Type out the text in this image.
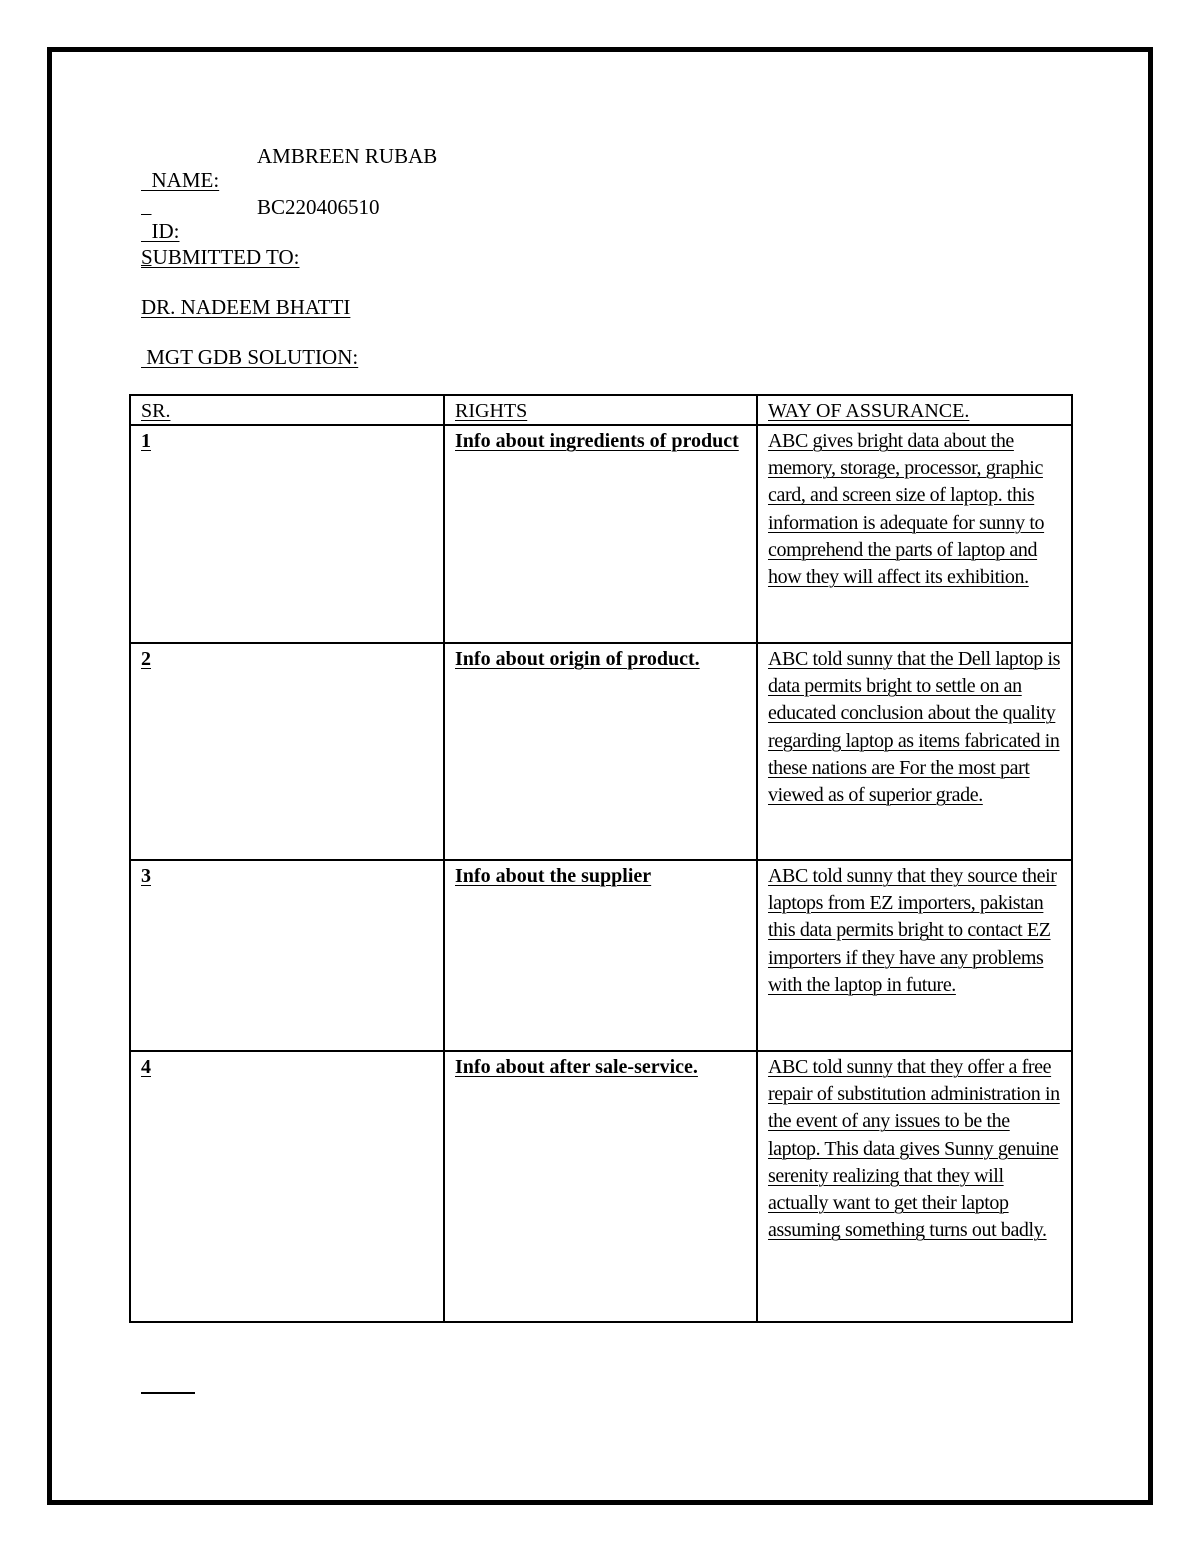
NAME:

AMBREEN RUBAB

ID:

BC220406510

SUBMITTED TO:
DR. NADEEM BHATTI
MGT GDB SOLUTION:
SR.	RIGHTS	WAY OF ASSURANCE.
1	Info about ingredients of product	ABC gives bright data about the memory, storage, processor, graphic card, and screen size of laptop. this information is adequate for sunny to comprehend the parts of laptop and how they will affect its exhibition.
2	Info about origin of product.	ABC told sunny that the Dell laptop is data permits bright to settle on an educated conclusion about the quality regarding laptop as items fabricated in these nations are For the most part viewed as of superior grade.
3	Info about the supplier	ABC told sunny that they source their laptops from EZ importers, pakistan this data permits bright to contact EZ importers if they have any problems with the laptop in future.
4	Info about after sale-service.	ABC told sunny that they offer a free repair of substitution administration in the event of any issues to be the laptop. This data gives Sunny genuine serenity realizing that they will actually want to get their laptop assuming something turns out badly.
